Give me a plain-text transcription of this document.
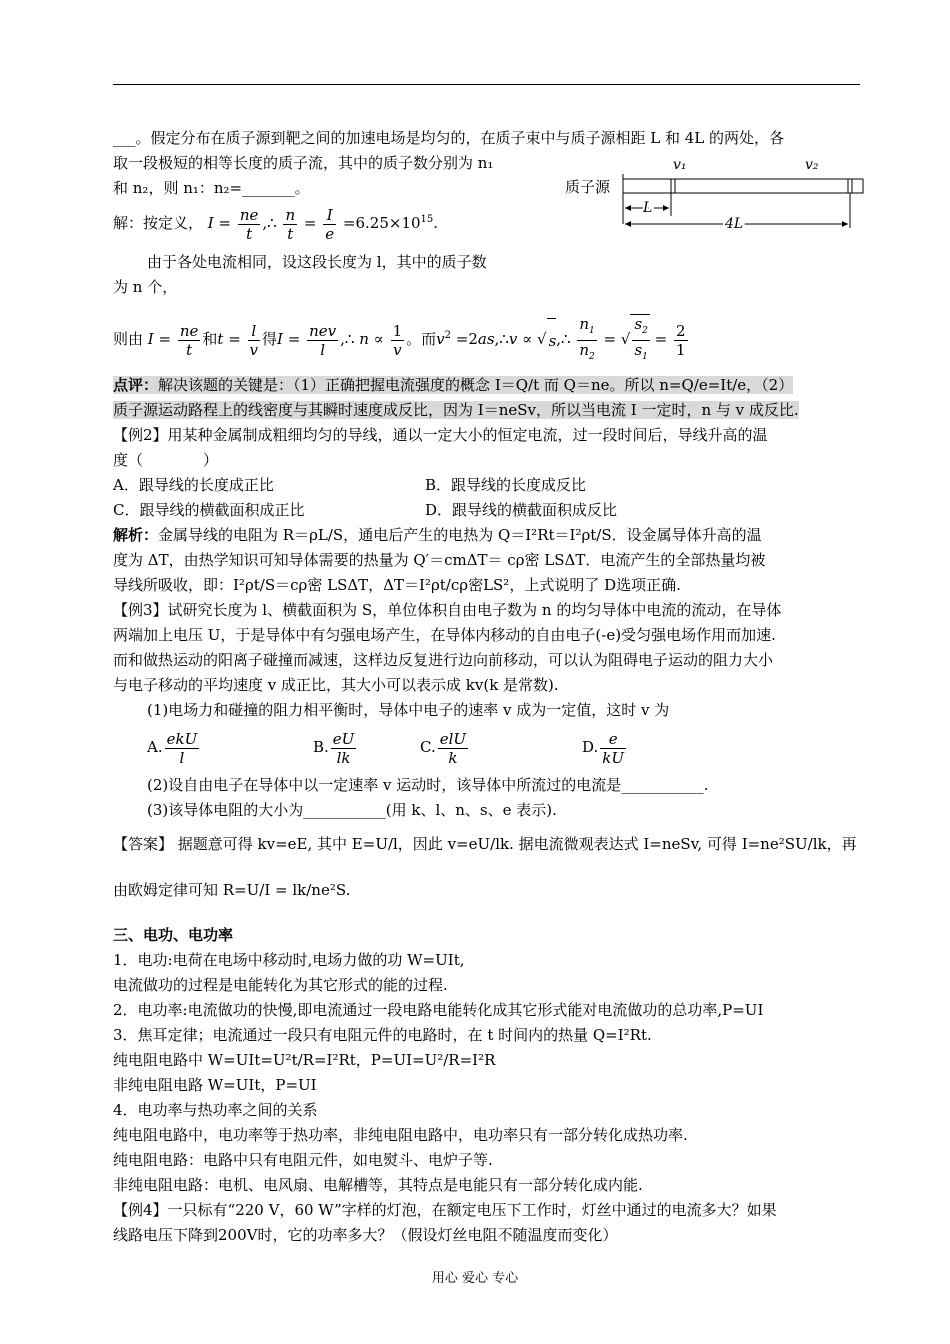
___。假定分布在质子源到靶之间的加速电场是均匀的，在质子束中与质子源相距 L 和 4L 的两处，各
取一段极短的相等长度的质子流，其中的质子数分别为 n₁
和 n₂，则 n₁：n₂=_______。
v₁	v₂
质子源
L
4L
解：按定义， $I = \frac{ne}{t}$ ,∴ $\frac{n}{t} = \frac{I}{e} =6.25\times 10^{15}$.
由于各处电流相同，设这段长度为 l，其中的质子数
为 n 个，
则由 $I = \frac{ne}{t}$ 和$t = \frac{l}{v}$ 得$I = \frac{\text{nev}}{l}$ ,∴ $n \propto \frac{1}{v}$ 。而$v^2$ =2as,∴v ∝ √ s,∴ $\frac{n_1}{n_2}$ = √ $\frac{s_2}{s_1} = \frac{2}{1}$
点评：解决该题的关键是：（1）正确把握电流强度的概念 I＝Q/t 而 Q＝ne。所以 n=Q/e=It/e，（2）
质子源运动路程上的线密度与其瞬时速度成反比，因为 I＝neSv，所以当电流 I 一定时，n 与 v 成反比.
【例2】用某种金属制成粗细均匀的导线，通以一定大小的恒定电流，过一段时间后，导线升高的温
度（　　　　）
A．跟导线的长度成正比	B．跟导线的长度成反比
C．跟导线的横截面积成正比	D．跟导线的横截面积成反比
解析：金属导线的电阻为 R＝ρL/S，通电后产生的电热为 Q＝I²Rt＝I²ρt/S．设金属导体升高的温
度为 ΔT，由热学知识可知导体需要的热量为 Q′＝cmΔT＝ cρ密 LSΔT．电流产生的全部热量均被
导线所吸收，即：I²ρt/S＝cρ密 LSΔT，ΔT＝I²ρt/cρ密LS²，上式说明了 D选项正确.
【例3】试研究长度为 l、横截面积为 S，单位体积自由电子数为 n 的均匀导体中电流的流动，在导体
两端加上电压 U，于是导体中有匀强电场产生，在导体内移动的自由电子(-e)受匀强电场作用而加速.
而和做热运动的阳离子碰撞而减速，这样边反复进行边向前移动，可以认为阻碍电子运动的阻力大小
与电子移动的平均速度 v 成正比，其大小可以表示成 kv(k 是常数).
(1)电场力和碰撞的阻力相平衡时，导体中电子的速率 v 成为一定值，这时 v 为
A. $\frac{\text{ekU}}{l}$	B. $\frac{eU}{lk}$	C. $\frac{\text{elU}}{k}$	D. $\frac{e}{kU}$
(2)设自由电子在导体中以一定速率 v 运动时，该导体中所流过的电流是___________.
(3)该导体电阻的大小为___________(用 k、l、n、s、e 表示).
【答案】 据题意可得 kv=eE, 其中 E=U/l，因此 v=eU/lk. 据电流微观表达式 I=neSv, 可得 I=ne²SU/lk，再
由欧姆定律可知 R=U/I = lk/ne²S.
三、电功、电功率
1．电功:电荷在电场中移动时,电场力做的功 W=UIt,
电流做功的过程是电能转化为其它形式的能的过程.
2．电功率:电流做功的快慢,即电流通过一段电路电能转化成其它形式能对电流做功的总功率,P=UI
3．焦耳定律；电流通过一段只有电阻元件的电路时，在 t 时间内的热量 Q=I²Rt.
纯电阻电路中 W=UIt=U²t/R=I²Rt，P=UI=U²/R=I²R
非纯电阻电路 W=UIt，P=UI
4．电功率与热功率之间的关系
纯电阻电路中，电功率等于热功率，非纯电阻电路中，电功率只有一部分转化成热功率.
纯电阻电路：电路中只有电阻元件，如电熨斗、电炉子等.
非纯电阻电路：电机、电风扇、电解槽等，其特点是电能只有一部分转化成内能.
【例4】一只标有“220 V，60 W”字样的灯泡，在额定电压下工作时，灯丝中通过的电流多大？如果
线路电压下降到200V时，它的功率多大？（假设灯丝电阻不随温度而变化）
用心 爱心 专心
